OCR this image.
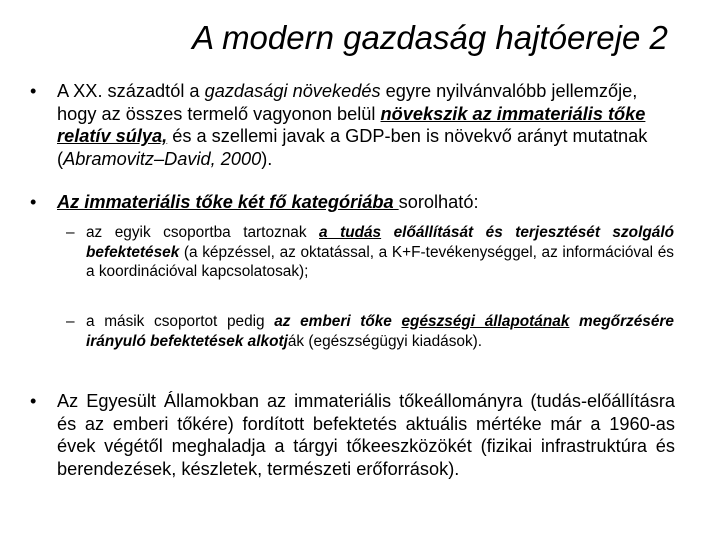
A modern gazdaság hajtóereje 2
• A XX. századtól a gazdasági növekedés egyre nyilvánvalóbb jellemzője, hogy az összes termelő vagyonon belül növekszik az immateriális tőke relatív súlya, és a szellemi javak a GDP-ben is növekvő arányt mutatnak (Abramovitz–David, 2000).
• Az immateriális tőke két fő kategóriába sorolható:
– az egyik csoportba tartoznak a tudás előállítását és terjesztését szolgáló befektetések (a képzéssel, az oktatással, a K+F-tevékenységgel, az információval és a koordinációval kapcsolatosak);
– a másik csoportot pedig az emberi tőke egészségi állapotának megőrzésére irányuló befektetések alkotják (egészségügyi kiadások).
• Az Egyesült Államokban az immateriális tőkeállományra (tudás-előállításra és az emberi tőkére) fordított befektetés aktuális mértéke már a 1960-as évek végétől meghaladja a tárgyi tőkeeszközökét (fizikai infrastruktúra és berendezések, készletek, természeti erőforrások).
